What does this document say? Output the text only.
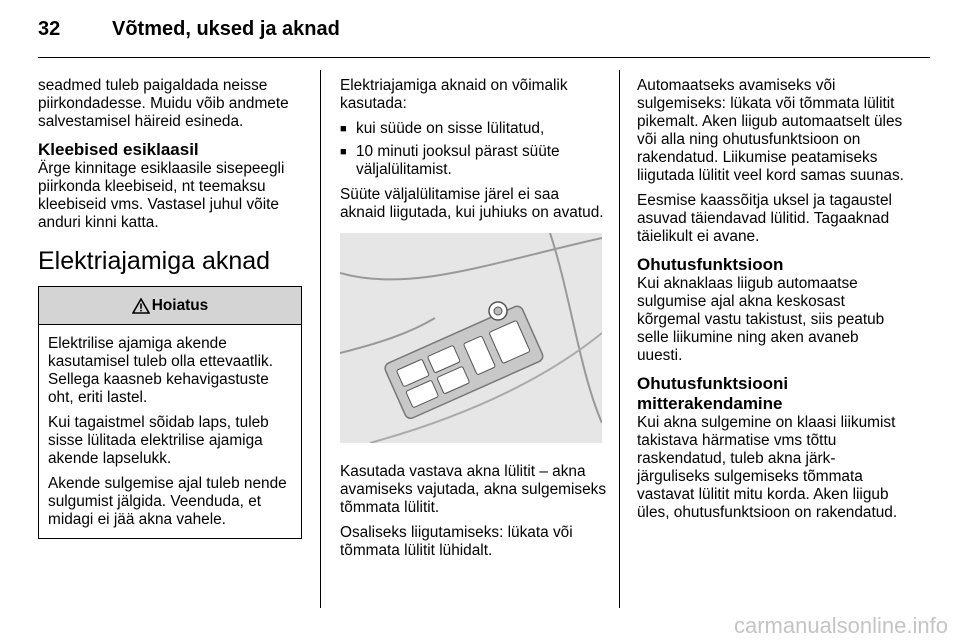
32	Võtmed, uksed ja aknad

seadmed tuleb paigaldada neisse piirkondadesse. Muidu võib andmete salvestamisel häireid esineda.

Kleebised esiklaasil

Ärge kinnitage esiklaasile sisepeegli piirkonda kleebiseid, nt teemaksu kleebiseid vms. Vastasel juhul võite anduri kinni katta.

Elektriajamiga aknad
Hoiatus

Elektrilise ajamiga akende kasutamisel tuleb olla ettevaatlik. Sellega kaasneb kehavigastuste oht, eriti lastel.

Kui tagaistmel sõidab laps, tuleb sisse lülitada elektrilise ajamiga akende lapselukk.

Akende sulgemise ajal tuleb nende sulgumist jälgida. Veenduda, et midagi ei jää akna vahele.

Elektriajamiga aknaid on võimalik kasutada:

■ kui süüde on sisse lülitatud,
■ 10 minuti jooksul pärast süüte väljalülitamist.

Süüte väljalülitamise järel ei saa aknaid liigutada, kui juhiuks on avatud.

Kasutada vastava akna lülitit – akna avamiseks vajutada, akna sulgemiseks tõmmata lülitit.

Osaliseks liigutamiseks: lükata või tõmmata lülitit lühidalt.

Automaatseks avamiseks või sulgemiseks: lükata või tõmmata lülitit pikemalt. Aken liigub automaatselt üles või alla ning ohutusfunktsioon on rakendatud. Liikumise peatamiseks liigutada lülitit veel kord samas suunas.

Eesmise kaassõitja uksel ja tagaustel asuvad täiendavad lülitid. Tagaaknad täielikult ei avane.

Ohutusfunktsioon

Kui aknaklaas liigub automaatse sulgumise ajal akna keskosast kõrgemal vastu takistust, siis peatub selle liikumine ning aken avaneb uuesti.

Ohutusfunktsiooni mitterakendamine

Kui akna sulgemine on klaasi liikumist takistava härmatise vms tõttu raskendatud, tuleb akna järk-järguliseks sulgemiseks tõmmata vastavat lülitit mitu korda. Aken liigub üles, ohutusfunktsioon on rakendatud.

carmanualsonline.info
